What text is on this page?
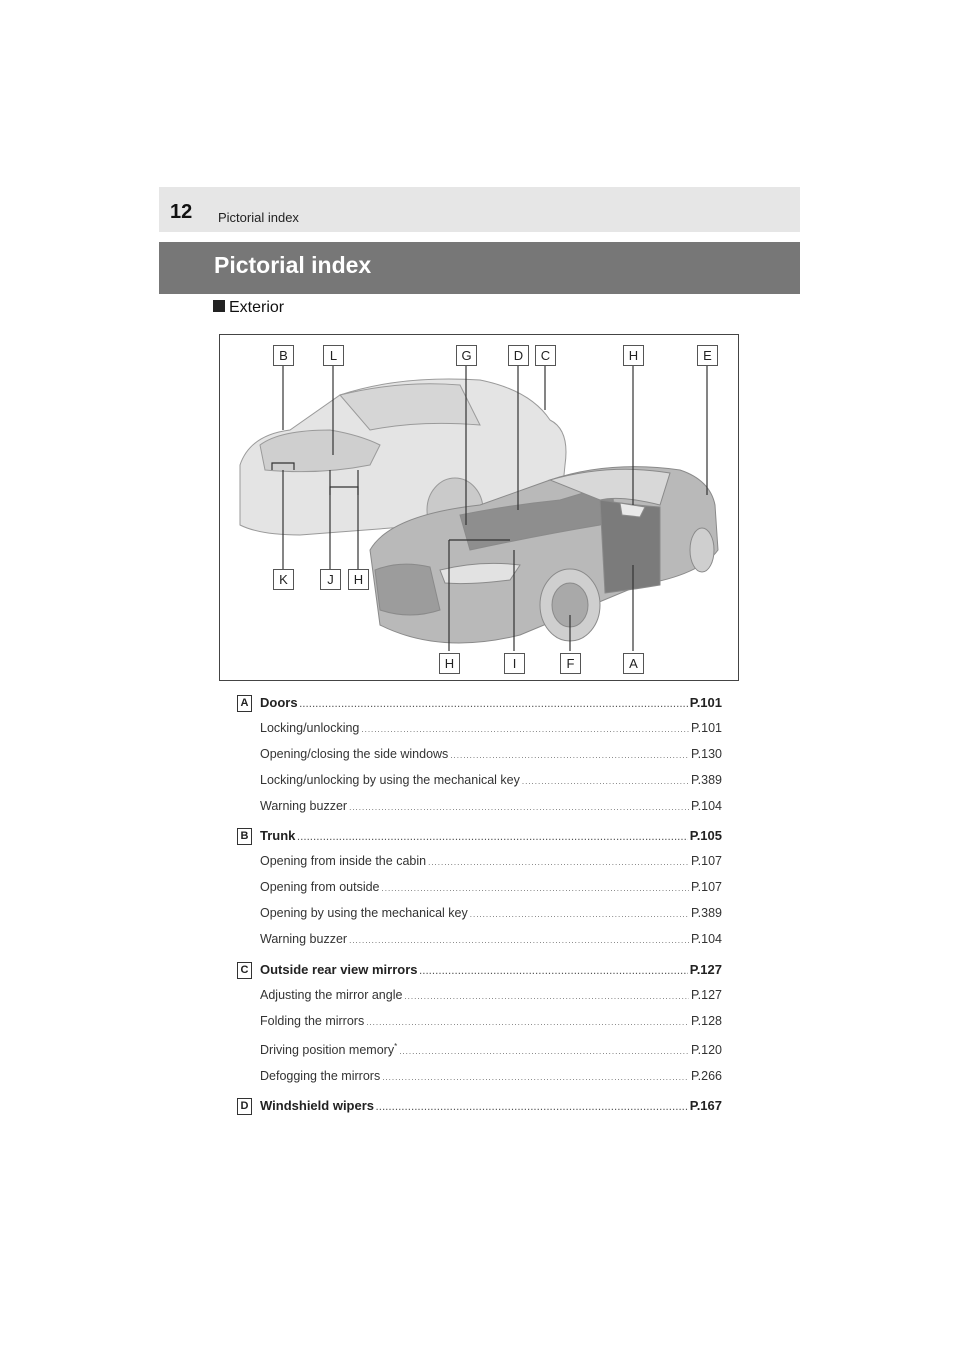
12 Pictorial index
Pictorial index
Exterior
B	L	G	D	C	H	E
K	J	H
H	I	F	A
A Doors .....	P.101
Locking/unlocking .....	P.101
Opening/closing the side windows .....	P.130
Locking/unlocking by using the mechanical key .....	P.389
Warning buzzer .....	P.104
B Trunk .....	P.105
Opening from inside the cabin .....	P.107
Opening from outside .....	P.107
Opening by using the mechanical key .....	P.389
Warning buzzer .....	P.104
C Outside rear view mirrors .....	P.127
Adjusting the mirror angle .....	P.127
Folding the mirrors .....	P.128
Driving position memory* .....	P.120
Defogging the mirrors .....	P.266
D Windshield wipers .....	P.167
